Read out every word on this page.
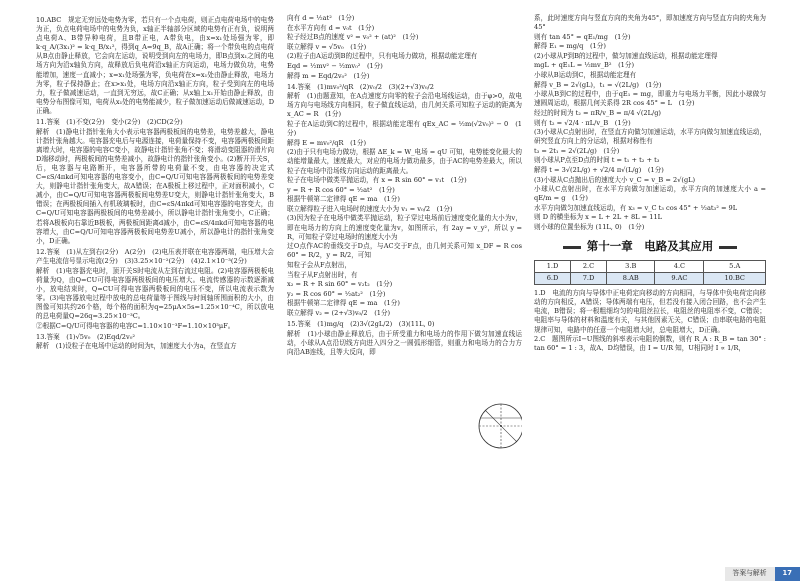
10.ABC　规定无穷远处电势为零，若只有一个点电荷，则正点电荷电场中的电势为正，负点电荷电场中的电势为负，x轴正半轴部分区域的电势有正有负，说明两点电荷A、B带异种电荷，且B带正电，A带负电，由x=x₁处场强为零，即k·q_A/(3x₁)² = k·q_B/x₁²，得到q_A=9q_B，故A正确；将一个带负电的点电荷从B点由静止释放，它会向左运动，说明受到向左的电场力，即B点到x₁之间的电场方向为沿x轴负方向，故释放后负电荷沿x轴正方向运动，电场力做负功，电势能增加，速度一直减小；x=x₁处场强为零，负电荷在x=x₁处由静止释放，电场力为零，粒子保持静止；在x>x₁处，电场方向沿x轴正方向，粒子受到向左的电场力，粒子做减速运动，一直到无穷远，故C正确；从x轴上x₁开始由静止释放，由电势分布图像可知，电荷从x₁处的电势能减少，粒子做加速运动后做减速运动，D正确。

11.答案　(1)不变(2分)　变小(2分)　(2)CD(2分)

解析　(1)静电计指针张角大小表示电容器两极板间的电势差，电势差越大，静电计指针张角越大。电容器充电后与电源连接，电荷量保持不变，电容器两极板间距离增大时，电容器的电容C变小，故静电计指针张角不变；将滑动变阻器的滑片向D端移动时，两极板间的电势差减小，故静电计的指针张角变小。(2)断开开关S，后，电容器与电路断开，电容器所带的电荷量不变，由电容器的决定式C=εS/4πkd可知电容器的电容变小，由C=Q/U可知电容器两极板间的电势差变大，则静电计指针张角变大，故A错误；在A极板上移过程中，正对面积减小，C减小，由C=Q/U可知电容器两极板间电势差U变大，则静电计指针张角变大，B错误；在两极板间插入有机玻璃板时，由C=εS/4πkd可知电容器的电容变大，由C=Q/U可知电容器两极板间的电势差减小，所以静电计指针张角变小，C正确；若将A极板向右靠近B极板，两极板间距离d减小，由C=εS/4πkd可知电容器的电容增大，由C=Q/U可知电容器两极板间电势差U减小，所以静电计的指针张角变小，D正确。

12.答案　(1)从左到右(2分)　A(2分)　(2)电压表并联在电容器两端，电压增大会产生电流信号显示电流(2分)　(3)3.25×10⁻²(2分)　(4)2.1×10⁻³(2分)

解析　(1)电容器充电时，顶开关S时电流从左到右流过电阻。(2)电容器两极板电荷量为Q，由Q=CU可得电容器两极板间的电压增大。电流传感器的示数逐渐减小，放电结束时，Q=CU可得电容器两极板间的电压不变，所以电流表示数为零。(3)电容器放电过程中放电的总电荷量等于图线与时间轴所围面积的大小，由图像可知共约26个格，每个格的面积为q=25μA×5s=1.25×10⁻⁴C，所以放电的总电荷量Q=26q=3.25×10⁻³C。

②根据C=Q/U可得电容器的电容C=1.10×10⁻³F=1.10×10³μF。

13.答案　(1)√5v₀　(2)Eqd/2v₀²

解析　(1)设粒子在电场中运动的时间为t，加速度大小为a，在竖直方

向有 d = ½at²　(1分)

在水平方向有 d = v₀t　(1分)

粒子经过B点的速度 v² = v₀² + (at)²　(1分)

联立解得 v = √5v₀　(1分)

(2)粒子由A运动到B的过程中，只有电场力做功，根据动能定理有

Eqd = ½mv² − ½mv₀²　(1分)

解得 m = Eqd/2v₀²　(1分)

14.答案　(1)mv₀²/qR　(2)v₀/2　(3)(2+√3)v₀/2

解析　(1)由题意知，在A点速度方向零的粒子会沿电场线运动，由于φ>0，故电场方向与电场线方向相同，粒子做直线运动，由几何关系可知粒子运动的距离为 x_AC = R　(1分)

粒子在A运动到C的过程中，根据动能定理有 qEx_AC = ½m(√2v₀)² − 0　(1分)

解得 E = mv₀²/qR　(1分)

(2)由于只有电场力做功，根据 ΔE_k = W_电场 = qU 可知，电势能变化最大的动能增量最大，速度最大，对应的电场力做功最多，由于AC的电势差最大，所以粒子在电场中沿场线方向运动的距离最大。

粒子在电场中做类平抛运动，有 x = R sin 60° = v₁t　(1分)

y = R + R cos 60° = ½at²　(1分)

根据牛顿第二定律得 qE = ma　(1分)

联立解得粒子进入电场时的速度大小为 v₁ = v₀/2　(1分)

(3)因为粒子在电场中做类平抛运动，粒子穿过电场前后速度变化量的大小为v，即在电场力的方向上的速度变化量为v，如图所示，有 2ay = v_y²，所以 y = R，可知粒子穿过电场时的速度大小为

过O点作AC的垂线交于D点，与AC交于F点，由几何关系可知 x_DF = R cos 60° = R/2，y = R/2，可知

知粒子会从F点射出，

当粒子从F点射出时，有

x₂ = R + R sin 60° = v₂t₂　(1分)

y₂ = R cos 60° = ½at₂²　(1分)

根据牛顿第二定律得 qE = ma　(1分)

联立解得 v₂ = (2+√3)v₀/2　(1分)

15.答案　(1)mg/q　(2)3√(2gL/2)　(3)(11L, 0)

解析　(1)小球由静止释放后，由于所受重力和电场力的作用下做匀加速直线运动，小球从A点沿切线方向进入四分之一圆弧形细管，则重力和电场力的合力方向沿AB连线，且等大反向，即

系，此时速度方向与竖直方向的夹角为45°，即加速度方向与竖直方向的夹角为45°

则有 tan 45° = qE₁/mg　(1分)

解得 E₁ = mg/q　(1分)

(2)小球从P到B的过程中，做匀加速直线运动，根据动能定理得

mgL + qE₁L = ½mv_B²　(1分)

小球从B运动到C，根据动能定理有

解得 v_B = 2√(gL)，t₁ = √(2L/g)　(1分)

小球从B到C的过程中，由于qE₁ = mg，即重力与电场力平衡，因此小球做匀速圆周运动，根据几何关系得 2R cos 45° = L　(1分)

经过的时间为 t₂ = πR/v_B = π/4 √(2L/g)

则有 t₂ = √2/4 · πL/v_B　(1分)

(3)小球从C点射出时，在竖直方向做匀加速运动，水平方向做匀加速直线运动，研究竖直方向上的分运动，根据对称性有

t₃ = 2t₁ = 2√(2L/g)　(1分)

则小球从P点至D点的时间 t = t₁ + t₂ + t₃

解得 t = 3√(2L/g) + √2/4 π√(L/g)　(1分)

(3)小球从C点抛出后的速度大小 v_C = v_B = 2√(gL)

小球从C点射出时，在水平方向做匀加速运动，水平方向的加速度大小 a = qE/m = g　(1分)

水平方向做匀加速直线运动，有 x₃ = v_C t₃ cos 45° + ½at₃² = 9L

则 D 的横坐标为 x = L + 2L + 8L = 11L

则小球的位置坐标为 (11L, 0)　(1分)

第十一章　电路及其应用
1.D	2.C	3.B	4.C	5.A
6.D	7.D	8.AB	9.AC	10.BC

1.D　电流的方向与导体中正电荷定向移动的方向相同，与导体中负电荷定向移动的方向相反，A错误；导体两端有电压，但若没有接入闭合回路，也不会产生电流，B错误；将一根粗细均匀的电阻丝拉长，电阻丝的电阻率不变，C错误；电阻率与导体的材料和温度有关，与其他因素无关，C错误；由串联电路的电阻规律可知，电路中的任意一个电阻增大时，总电阻增大，D正确。

2.C　题图所示I−U图线的斜率表示电阻的倒数，则有 R_A : R_B = tan 30° : tan 60° = 1 : 3，故A、D均错误，由 I = U/R 知，U相同时 I ∝ 1/R，

答案与解析	17
